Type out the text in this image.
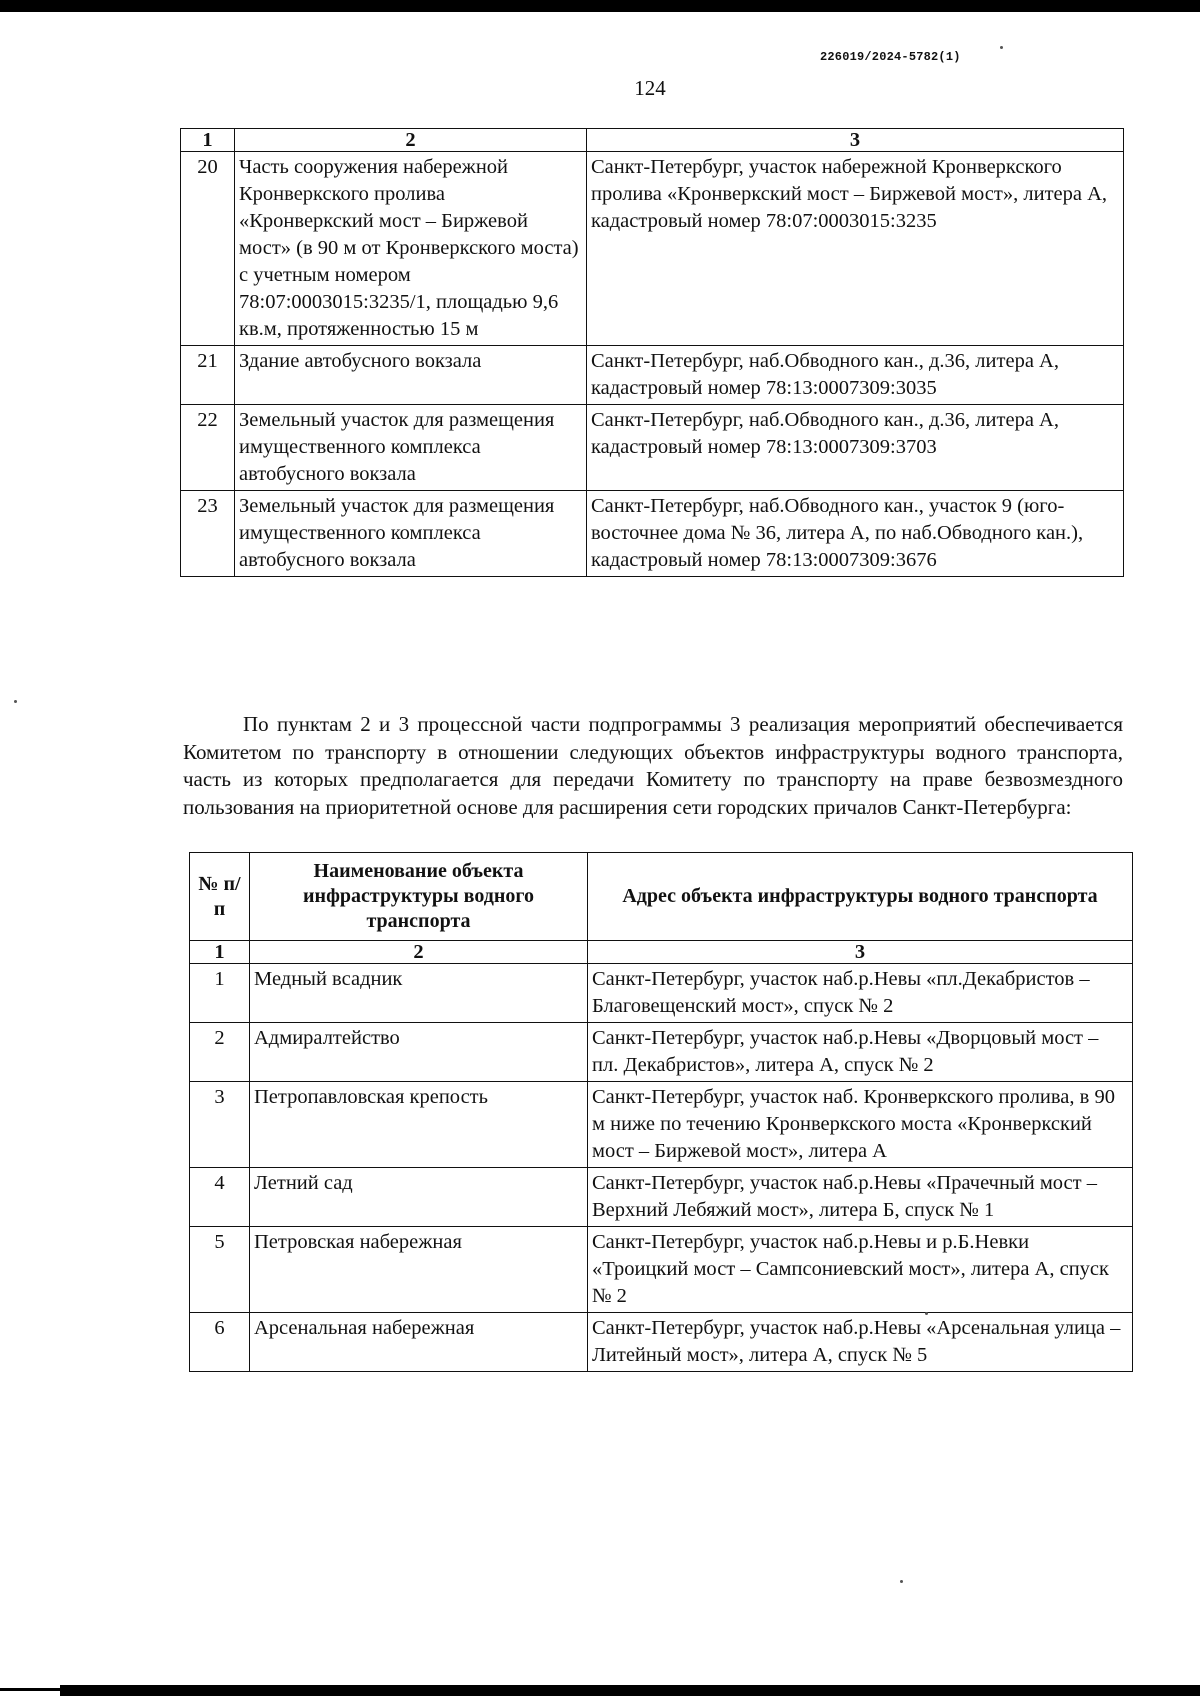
226019/2024-5782(1)
124
1	2	3
20	Часть сооружения набережной Кронверкского пролива «Кронверкский мост – Биржевой мост» (в 90 м от Кронверкского моста) с учетным номером 78:07:0003015:3235/1, площадью 9,6 кв.м, протяженностью 15 м	Санкт-Петербург, участок набережной Кронверкского пролива «Кронверкский мост – Биржевой мост», литера А, кадастровый номер 78:07:0003015:3235
21	Здание автобусного вокзала	Санкт-Петербург, наб.Обводного кан., д.36, литера А, кадастровый номер 78:13:0007309:3035
22	Земельный участок для размещения имущественного комплекса автобусного вокзала	Санкт-Петербург, наб.Обводного кан., д.36, литера А, кадастровый номер 78:13:0007309:3703
23	Земельный участок для размещения имущественного комплекса автобусного вокзала	Санкт-Петербург, наб.Обводного кан., участок 9 (юго-восточнее дома № 36, литера А, по наб.Обводного кан.), кадастровый номер 78:13:0007309:3676

По пунктам 2 и 3 процессной части подпрограммы 3 реализация мероприятий обеспечивается Комитетом по транспорту в отношении следующих объектов инфраструктуры водного транспорта, часть из которых предполагается для передачи Комитету по транспорту на праве безвозмездного пользования на приоритетной основе для расширения сети городских причалов Санкт-Петербурга:

№ п/п	Наименование объекта инфраструктуры водного транспорта	Адрес объекта инфраструктуры водного транспорта
1	2	3
1	Медный всадник	Санкт-Петербург, участок наб.р.Невы «пл.Декабристов – Благовещенский мост», спуск № 2
2	Адмиралтейство	Санкт-Петербург, участок наб.р.Невы «Дворцовый мост – пл. Декабристов», литера А, спуск № 2
3	Петропавловская крепость	Санкт-Петербург, участок наб. Кронверкского пролива, в 90 м ниже по течению Кронверкского моста «Кронверкский мост – Биржевой мост», литера А
4	Летний сад	Санкт-Петербург, участок наб.р.Невы «Прачечный мост – Верхний Лебяжий мост», литера Б, спуск № 1
5	Петровская набережная	Санкт-Петербург, участок наб.р.Невы и р.Б.Невки «Троицкий мост – Сампсониевский мост», литера А, спуск № 2
6	Арсенальная набережная	Санкт-Петербург, участок наб.р.Невы «Арсенальная улица – Литейный мост», литера А, спуск № 5
